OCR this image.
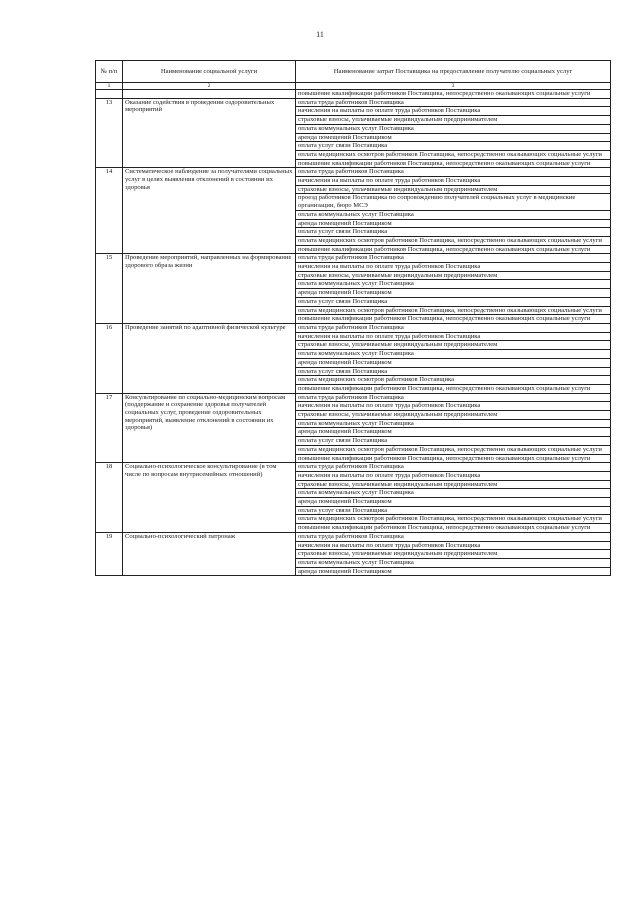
11
№ п/п	Наименование социальной услуги	Наименование затрат Поставщика на предоставление получателю социальных услуг
1	2	3
		повышение квалификации работников Поставщика, непосредственно оказывающих социальные услуги
13	Оказание содействия в проведении оздоровительных мероприятий	оплата труда работников Поставщика
		начисления на выплаты по оплате труда работников Поставщика
		страховые взносы, уплачиваемые индивидуальным предпринимателем
		оплата коммунальных услуг Поставщика
		аренда помещений Поставщиком
		оплата услуг связи Поставщика
		оплата медицинских осмотров работников Поставщика, непосредственно оказывающих социальные услуги
		повышение квалификации работников Поставщика, непосредственно оказывающих социальные услуги
14	Систематическое наблюдение за получателями социальных услуг в целях выявления отклонений в состоянии их здоровья	оплата труда работников Поставщика
		начисления на выплаты по оплате труда работников Поставщика
		страховые взносы, уплачиваемые индивидуальным предпринимателем
		проезд работников Поставщика по сопровождению получателей социальных услуг в медицинские организации, бюро МСЭ
		оплата коммунальных услуг Поставщика
		аренда помещений Поставщиком
		оплата услуг связи Поставщика
		оплата медицинских осмотров работников Поставщика, непосредственно оказывающих социальные услуги
		повышение квалификации работников Поставщика, непосредственно оказывающих социальные услуги
15	Проведение мероприятий, направленных на формирование здорового образа жизни	оплата труда работников Поставщика
		начисления на выплаты по оплате труда работников Поставщика
		страховые взносы, уплачиваемые индивидуальным предпринимателем
		оплата коммунальных услуг Поставщика
		аренда помещений Поставщиком
		оплата услуг связи Поставщика
		оплата медицинских осмотров работников Поставщика, непосредственно оказывающих социальные услуги
		повышение квалификации работников Поставщика, непосредственно оказывающих социальные услуги
16	Проведение занятий по адаптивной физической культуре	оплата труда работников Поставщика
		начисления на выплаты по оплате труда работников Поставщика
		страховые взносы, уплачиваемые индивидуальным предпринимателем
		оплата коммунальных услуг Поставщика
		аренда помещений Поставщиком
		оплата услуг связи Поставщика
		оплата медицинских осмотров работников Поставщика
		повышение квалификации работников Поставщика, непосредственно оказывающих социальные услуги
17	Консультирование по социально-медицинским вопросам (поддержание и сохранение здоровья получателей социальных услуг, проведение оздоровительных мероприятий, выявление отклонений в состоянии их здоровья)	оплата труда работников Поставщика
		начисления на выплаты по оплате труда работников Поставщика
		страховые взносы, уплачиваемые индивидуальным предпринимателем
		оплата коммунальных услуг Поставщика
		аренда помещений Поставщиком
		оплата услуг связи Поставщика
		оплата медицинских осмотров работников Поставщика, непосредственно оказывающих социальные услуги
		повышение квалификации работников Поставщика, непосредственно оказывающих социальные услуги
18	Социально-психологическое консультирование (в том числе по вопросам внутрисемейных отношений)	оплата труда работников Поставщика
		начисления на выплаты по оплате труда работников Поставщика
		страховые взносы, уплачиваемые индивидуальным предпринимателем
		оплата коммунальных услуг Поставщика
		аренда помещений Поставщиком
		оплата услуг связи Поставщика
		оплата медицинских осмотров работников Поставщика, непосредственно оказывающих социальные услуги
		повышение квалификации работников Поставщика, непосредственно оказывающих социальные услуги
19	Социально-психологический патронаж	оплата труда работников Поставщика
		начисления на выплаты по оплате труда работников Поставщика
		страховые взносы, уплачиваемые индивидуальным предпринимателем
		оплата коммунальных услуг Поставщика
		аренда помещений Поставщиком
